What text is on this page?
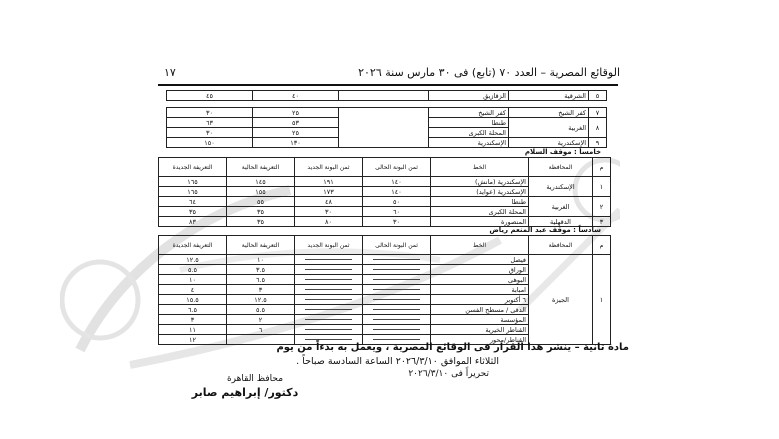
الوقائع المصرية – العدد ٧٠ (تابع) فى ٣٠ مارس سنة ٢٠٢٦
١٧
٥	الشرقية	الزقازيق		٤٠	٤٥
٧	كفر الشيخ	كفر الشيخ		٢٥	٣٠
٨	الغربية	طنطا		٥٣	٦٣
		المحلة الكبرى		٢٥	٣٠
٩	الإسكندرية	الإسكندرية		١٣٠	١٥٠
خامساً : موقف السلام
م	المحافظة	الخط	ثمن البونة الحالى	ثمن البونة الجديد	التعريفة الحالية	التعريفة الجديدة
١	الإسكندرية	الإسكندرية (مانش)	١٤٠	١٩١	١٤٥	١٦٥
		الإسكندرية (عوايد)	١٤٠	١٧٣	١٥٥	١٦٥
٢	الغربية	طنطا	٥٠	٤٨	٥٥	٦٤
		المحلة الكبرى	٦٠	٣٠	٣٥	٣٥
٣	الدقهلية	المنصورة	٣٠	٨٠	٣٥	٨٣
سادساً : موقف عبد المنعم رياض
م	المحافظة	الخط	ثمن البونة الحالى	ثمن البونة الجديد	التعريفة الحالية	التعريفة الجديدة
١	الجيزة	فيصل			١٠	١٢.٥
		الوراق			٣.٥	٥.٥
		البوهى			٦.٥	١٠
		امبابة			٣	٤
		٦ أكتوبر			١٢.٥	١٥.٥
		الدقى / مسطح الفسن			٥.٥	٦.٥
		المؤسسة			٢	٣
		القناطر الخيرية			٦	١١
		القناطر/محور				١٢
مادة ثانية – ينشر هذا القرار فى الوقائع المصرية ، ويعمل به بدءاً من يوم
الثلاثاء الموافق ٢٠٢٦/٣/١٠ الساعة السادسة صباحاً .
تحريراً فى ٢٠٢٦/٣/١٠
محافظ القاهرة
دكتور/ إبراهيم صابر
